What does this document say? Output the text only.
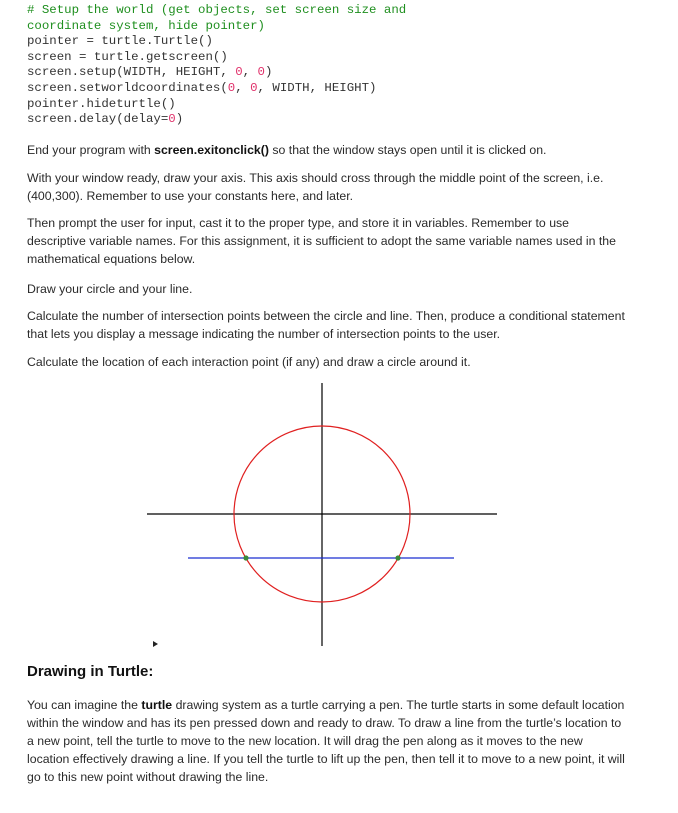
# Setup the world (get objects, set screen size and
coordinate system, hide pointer)
pointer = turtle.Turtle()
screen = turtle.getscreen()
screen.setup(WIDTH, HEIGHT, 0, 0)
screen.setworldcoordinates(0, 0, WIDTH, HEIGHT)
pointer.hideturtle()
screen.delay(delay=0)

End your program with screen.exitonclick() so that the window stays open until it is clicked on.

With your window ready, draw your axis. This axis should cross through the middle point of the screen, i.e. (400,300). Remember to use your constants here, and later.

Then prompt the user for input, cast it to the proper type, and store it in variables. Remember to use descriptive variable names. For this assignment, it is sufficient to adopt the same variable names used in the mathematical equations below.

Draw your circle and your line.

Calculate the number of intersection points between the circle and line. Then, produce a conditional statement that lets you display a message indicating the number of intersection points to the user.

Calculate the location of each interaction point (if any) and draw a circle around it.

Drawing in Turtle:

You can imagine the turtle drawing system as a turtle carrying a pen. The turtle starts in some default location within the window and has its pen pressed down and ready to draw. To draw a line from the turtle’s location to a new point, tell the turtle to move to the new location. It will drag the pen along as it moves to the new location effectively drawing a line. If you tell the turtle to lift up the pen, then tell it to move to a new point, it will go to this new point without drawing the line.
